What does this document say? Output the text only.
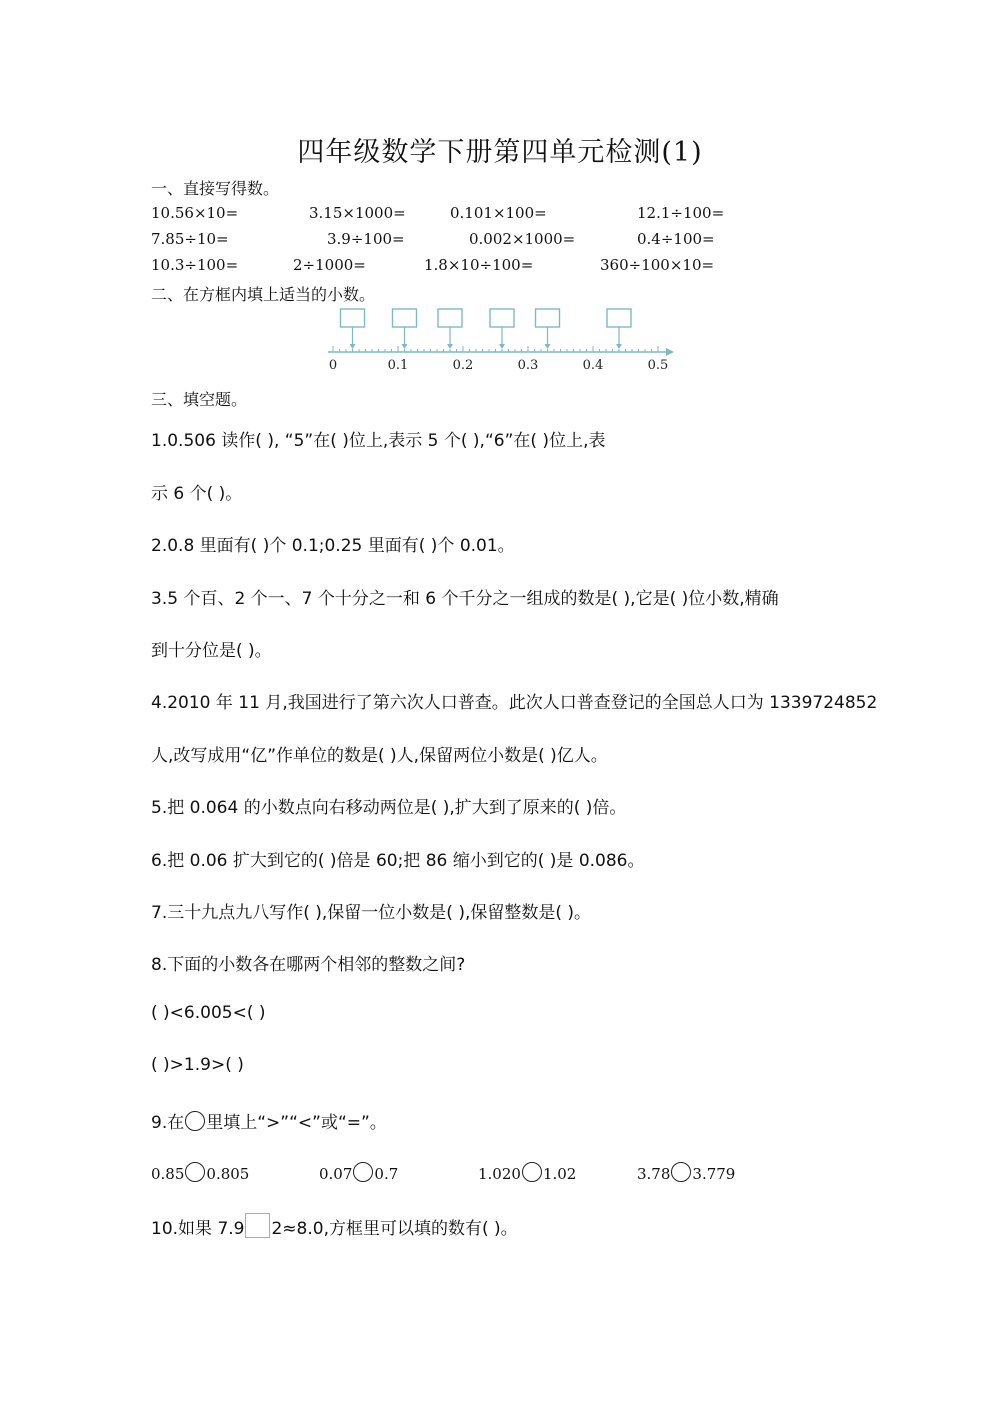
四年级数学下册第四单元检测(1)
一、直接写得数。
10.56×10=	3.15×1000=	0.101×100=	12.1÷100=
7.85÷10=	3.9÷100=	0.002×1000=	0.4÷100=
10.3÷100=	2÷1000=	1.8×10÷100=	360÷100×10=
二、在方框内填上适当的小数。
0	0.1	0.2	0.3	0.4	0.5
三、填空题。
1.0.506 读作( ), “5”在( )位上,表示 5 个( ),“6”在( )位上,表
示 6 个( )。
2.0.8 里面有( )个 0.1;0.25 里面有( )个 0.01。
3.5 个百、2 个一、7 个十分之一和 6 个千分之一组成的数是( ),它是( )位小数,精确
到十分位是( )。
4.2010 年 11 月,我国进行了第六次人口普查。此次人口普查登记的全国总人口为 1339724852
人,改写成用“亿”作单位的数是( )人,保留两位小数是( )亿人。
5.把 0.064 的小数点向右移动两位是( ),扩大到了原来的( )倍。
6.把 0.06 扩大到它的( )倍是 60;把 86 缩小到它的( )是 0.086。
7.三十九点九八写作( ),保留一位小数是( ),保留整数是( )。
8.下面的小数各在哪两个相邻的整数之间?
( )<6.005<( )
( )>1.9>( )
9.在 里填上“>”“<”或“=”。
0.85 0.805	0.07 0.7	1.020 1.02	3.78 3.779
10.如果 7.9 2≈8.0,方框里可以填的数有( )。
